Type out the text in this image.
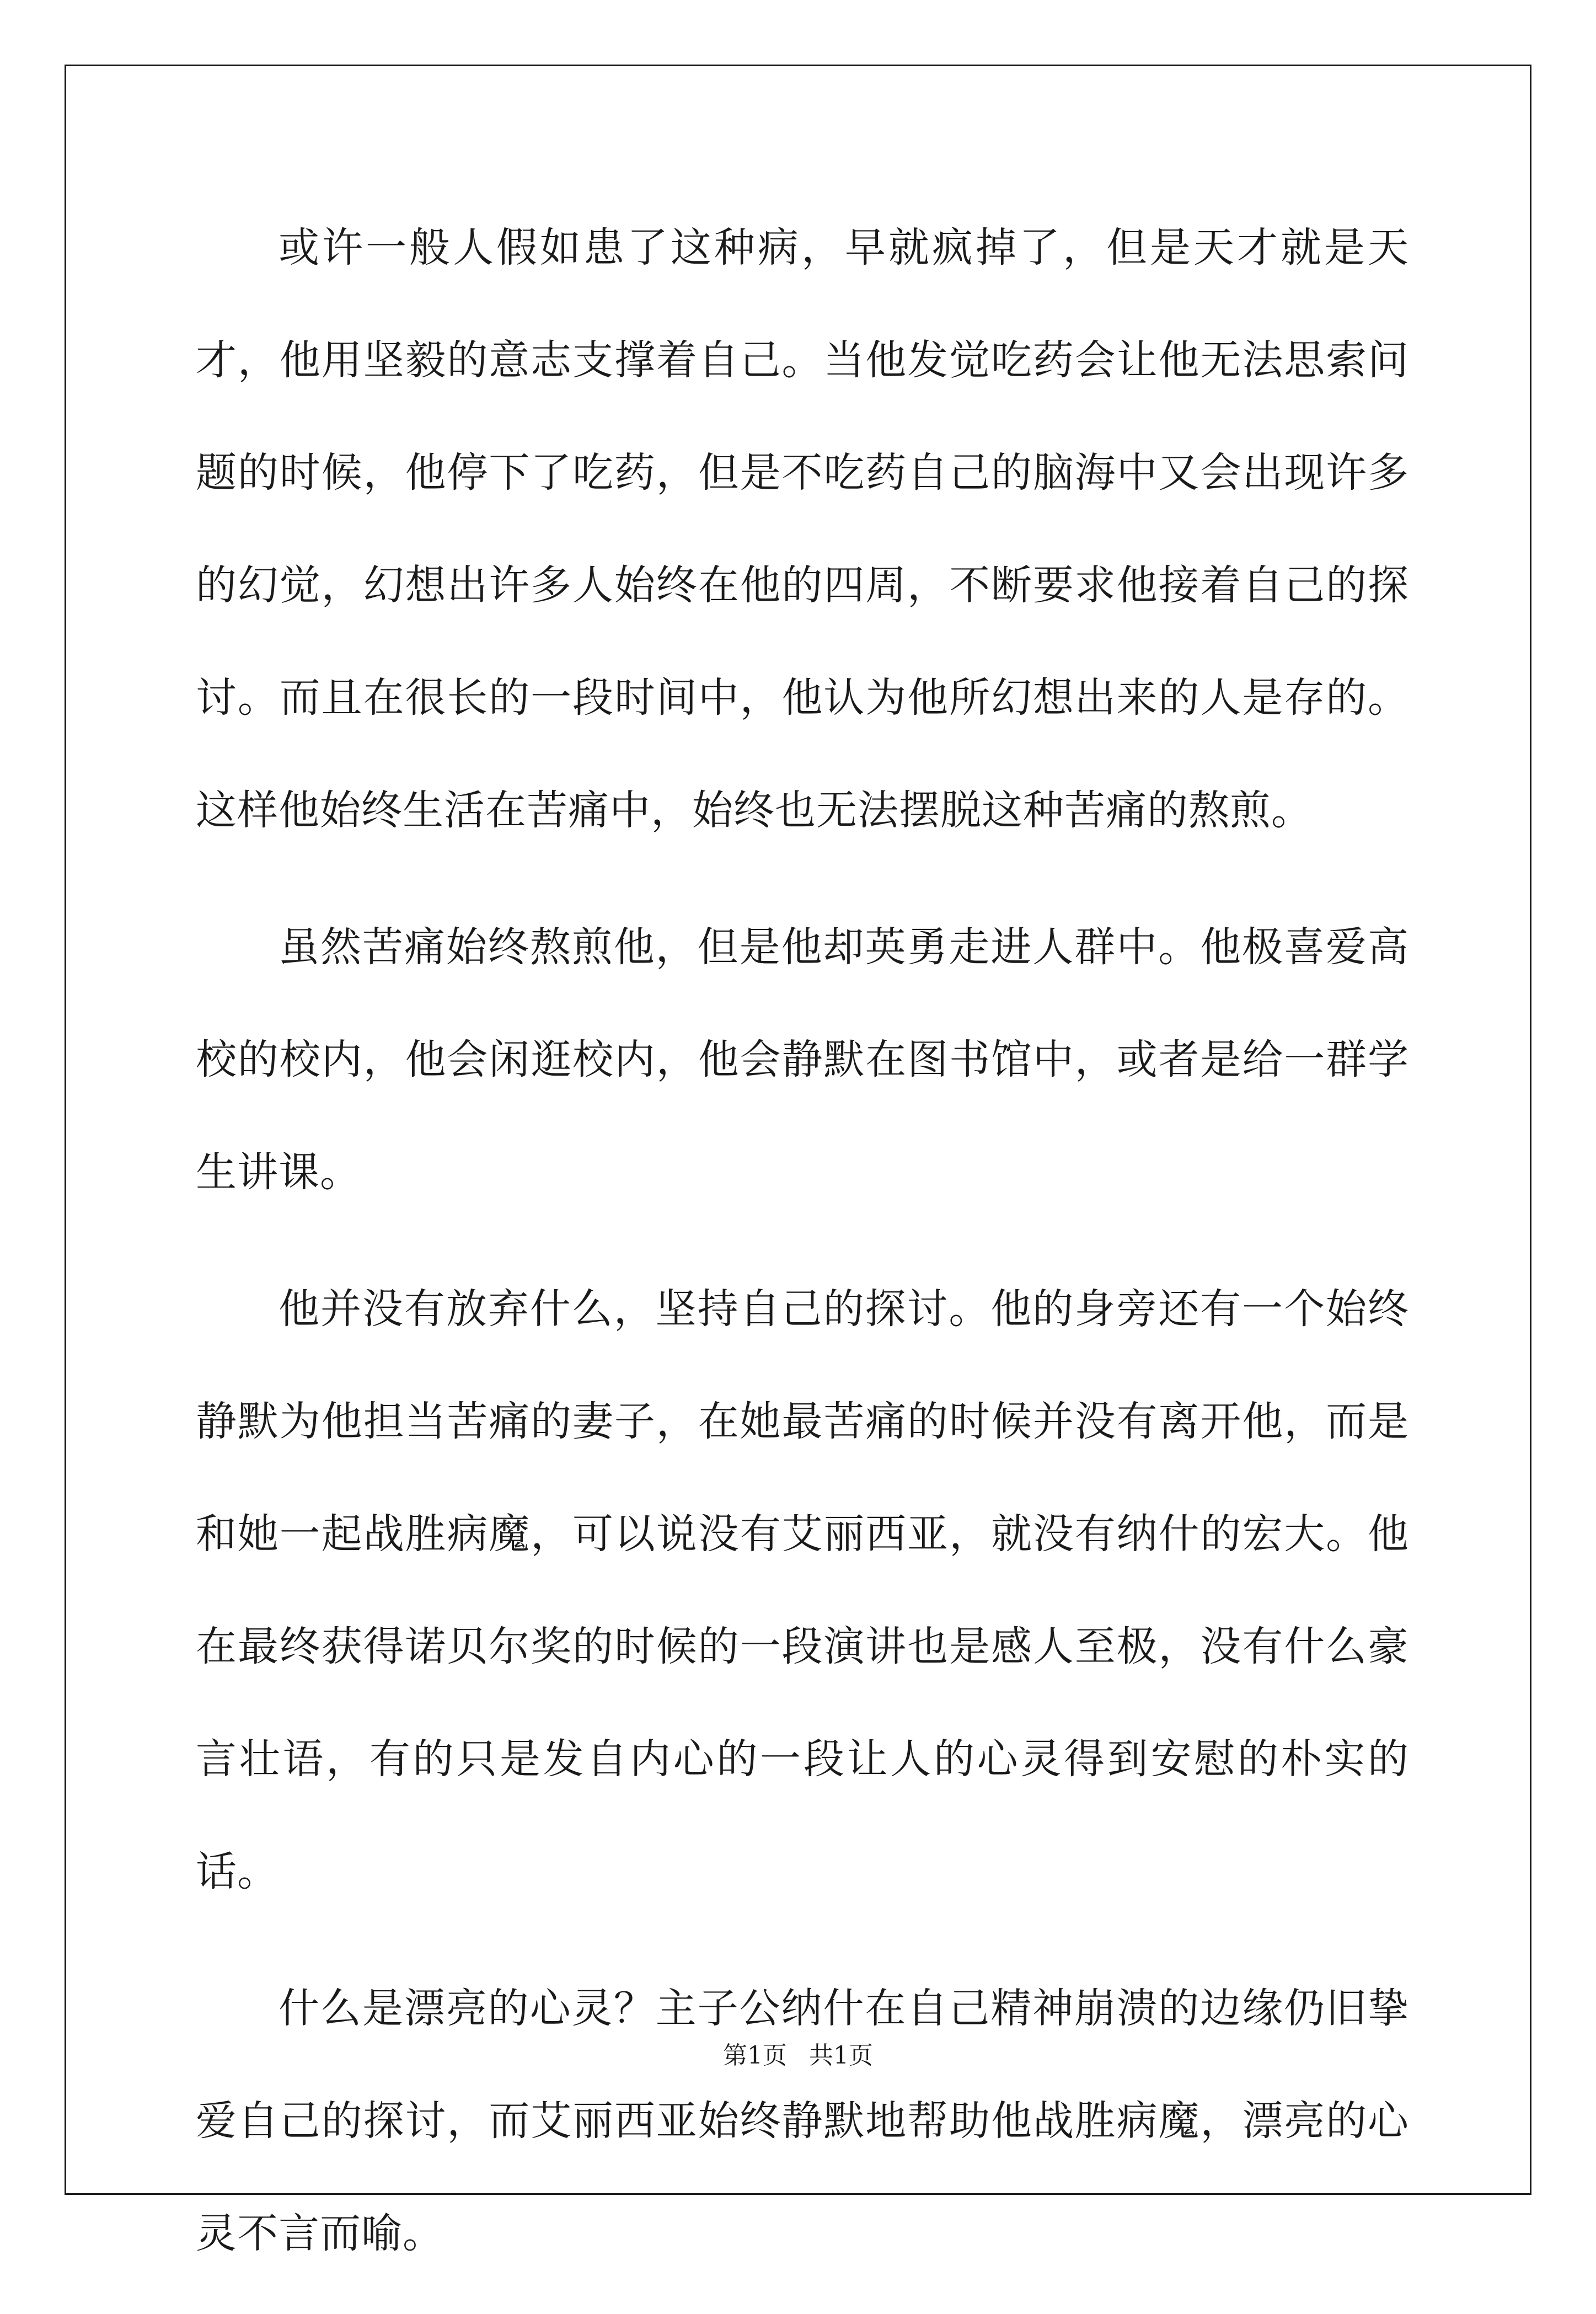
或许一般人假如患了这种病，早就疯掉了，但是天才就是天才，他用坚毅的意志支撑着自己。当他发觉吃药会让他无法思索问题的时候，他停下了吃药，但是不吃药自己的脑海中又会出现许多的幻觉，幻想出许多人始终在他的四周，不断要求他接着自己的探讨。而且在很长的一段时间中，他认为他所幻想出来的人是存的。这样他始终生活在苦痛中，始终也无法摆脱这种苦痛的熬煎。

虽然苦痛始终熬煎他，但是他却英勇走进人群中。他极喜爱高校的校内，他会闲逛校内，他会静默在图书馆中，或者是给一群学生讲课。

他并没有放弃什么，坚持自己的探讨。他的身旁还有一个始终静默为他担当苦痛的妻子，在她最苦痛的时候并没有离开他，而是和她一起战胜病魔，可以说没有艾丽西亚，就没有纳什的宏大。他在最终获得诺贝尔奖的时候的一段演讲也是感人至极，没有什么豪言壮语，有的只是发自内心的一段让人的心灵得到安慰的朴实的话。

什么是漂亮的心灵？主子公纳什在自己精神崩溃的边缘仍旧挚爱自己的探讨，而艾丽西亚始终静默地帮助他战胜病魔，漂亮的心灵不言而喻。

第1页 共1页
